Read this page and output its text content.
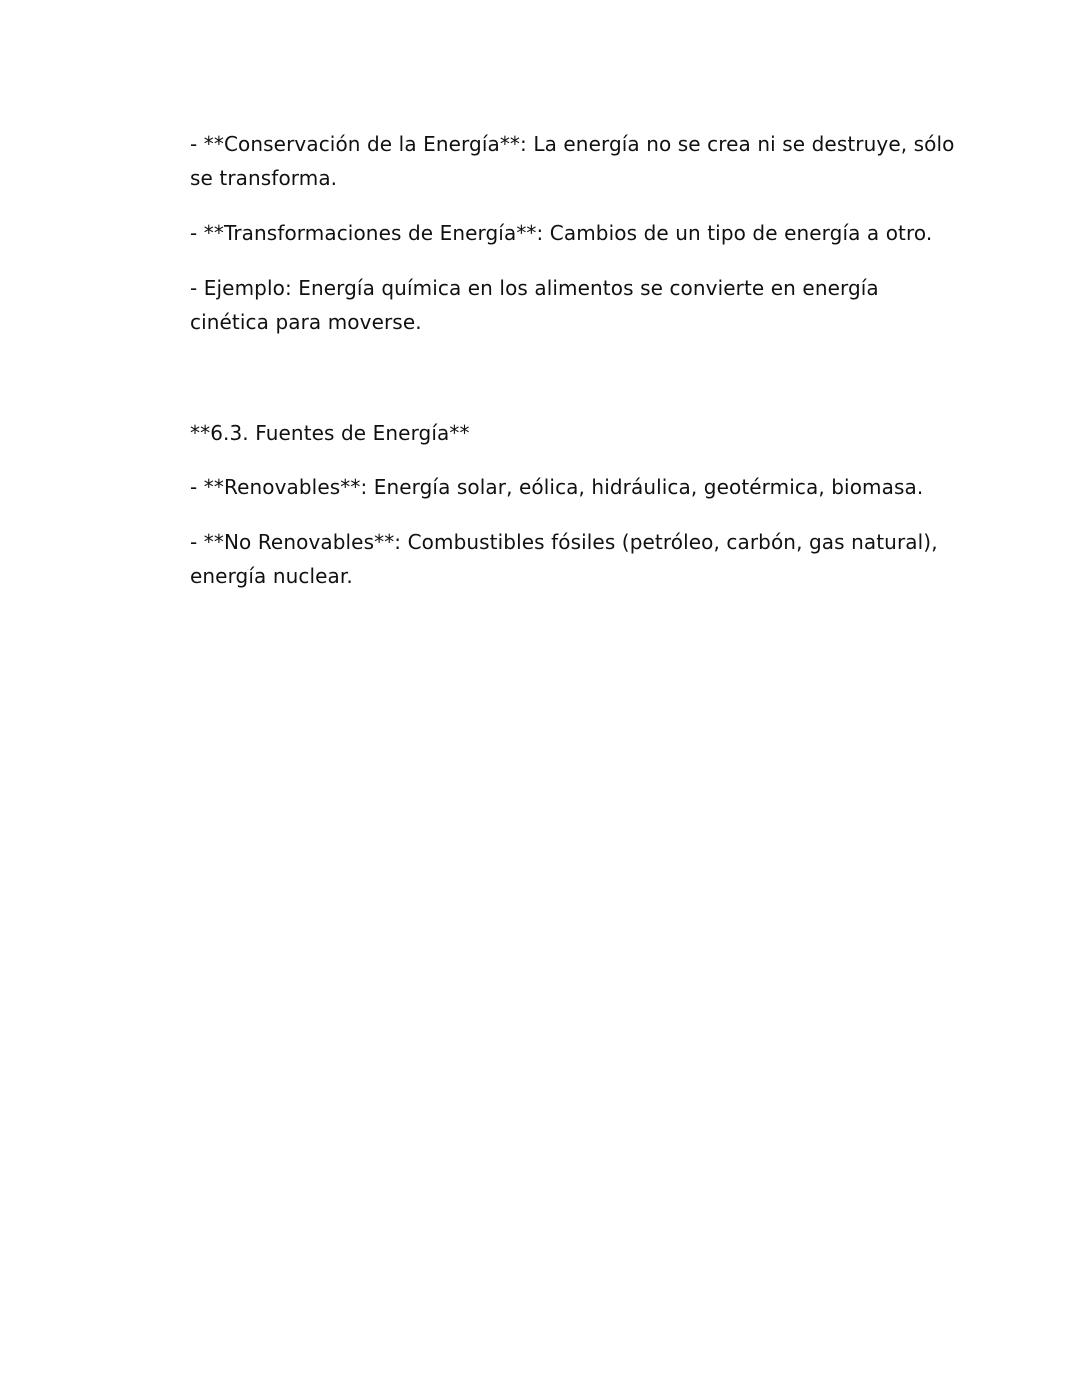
- **Conservación de la Energía**: La energía no se crea ni se destruye, sólo se transforma.

- **Transformaciones de Energía**: Cambios de un tipo de energía a otro.

- Ejemplo: Energía química en los alimentos se convierte en energía cinética para moverse.

**6.3. Fuentes de Energía**

- **Renovables**: Energía solar, eólica, hidráulica, geotérmica, biomasa.

- **No Renovables**: Combustibles fósiles (petróleo, carbón, gas natural), energía nuclear.
